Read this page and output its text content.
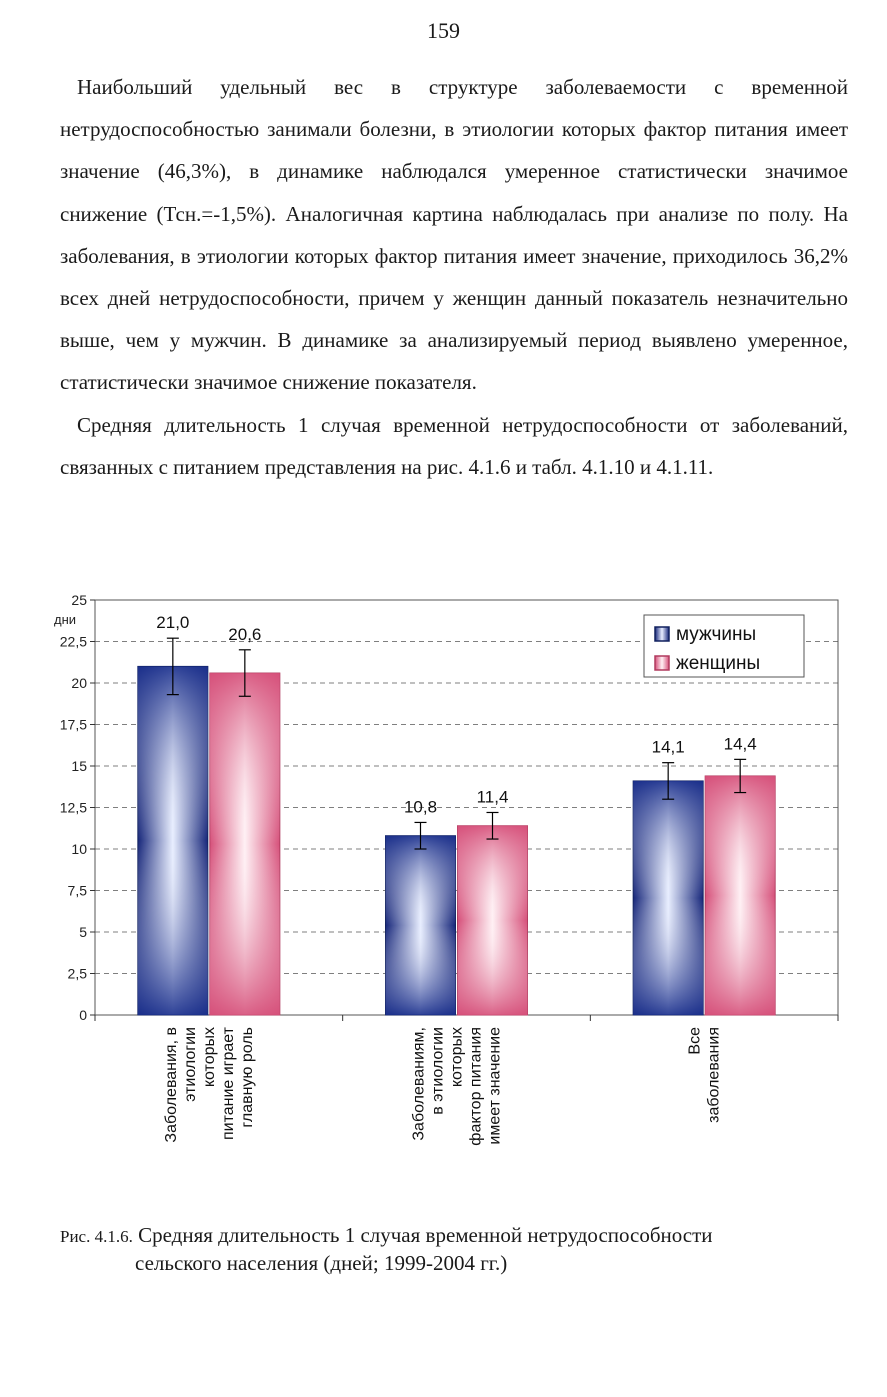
159

Наибольший удельный вес в структуре заболеваемости с временной нетрудоспособностью занимали болезни, в этиологии которых фактор питания имеет значение (46,3%), в динамике наблюдался умеренное статистически значимое снижение (Тсн.=-1,5%). Аналогичная картина наблюдалась при анализе по полу. На заболевания, в этиологии которых фактор питания имеет значение, приходилось 36,2% всех дней нетрудоспособности, причем у женщин данный показатель незначительно выше, чем у мужчин. В динамике за анализируемый период выявлено умеренное, статистически значимое снижение показателя.

Средняя длительность 1 случая временной нетрудоспособности от заболеваний, связанных с питанием представления на рис. 4.1.6 и табл. 4.1.10 и 4.1.11.

0
2,5
5
7,5
10
12,5
15
17,5
20
22,5
25
дни	21,0
20,6
Заболевания, в этиологии которых питание играет главную роль
10,8
11,4
Заболеваниям, в этиологии которых фактор питания имеет значение
14,1 14,4
Все заболевания
мужчины
женщины
Рис. 4.1.6. Средняя длительность 1 случая временной нетрудоспособности
сельского населения (дней; 1999-2004 гг.)
